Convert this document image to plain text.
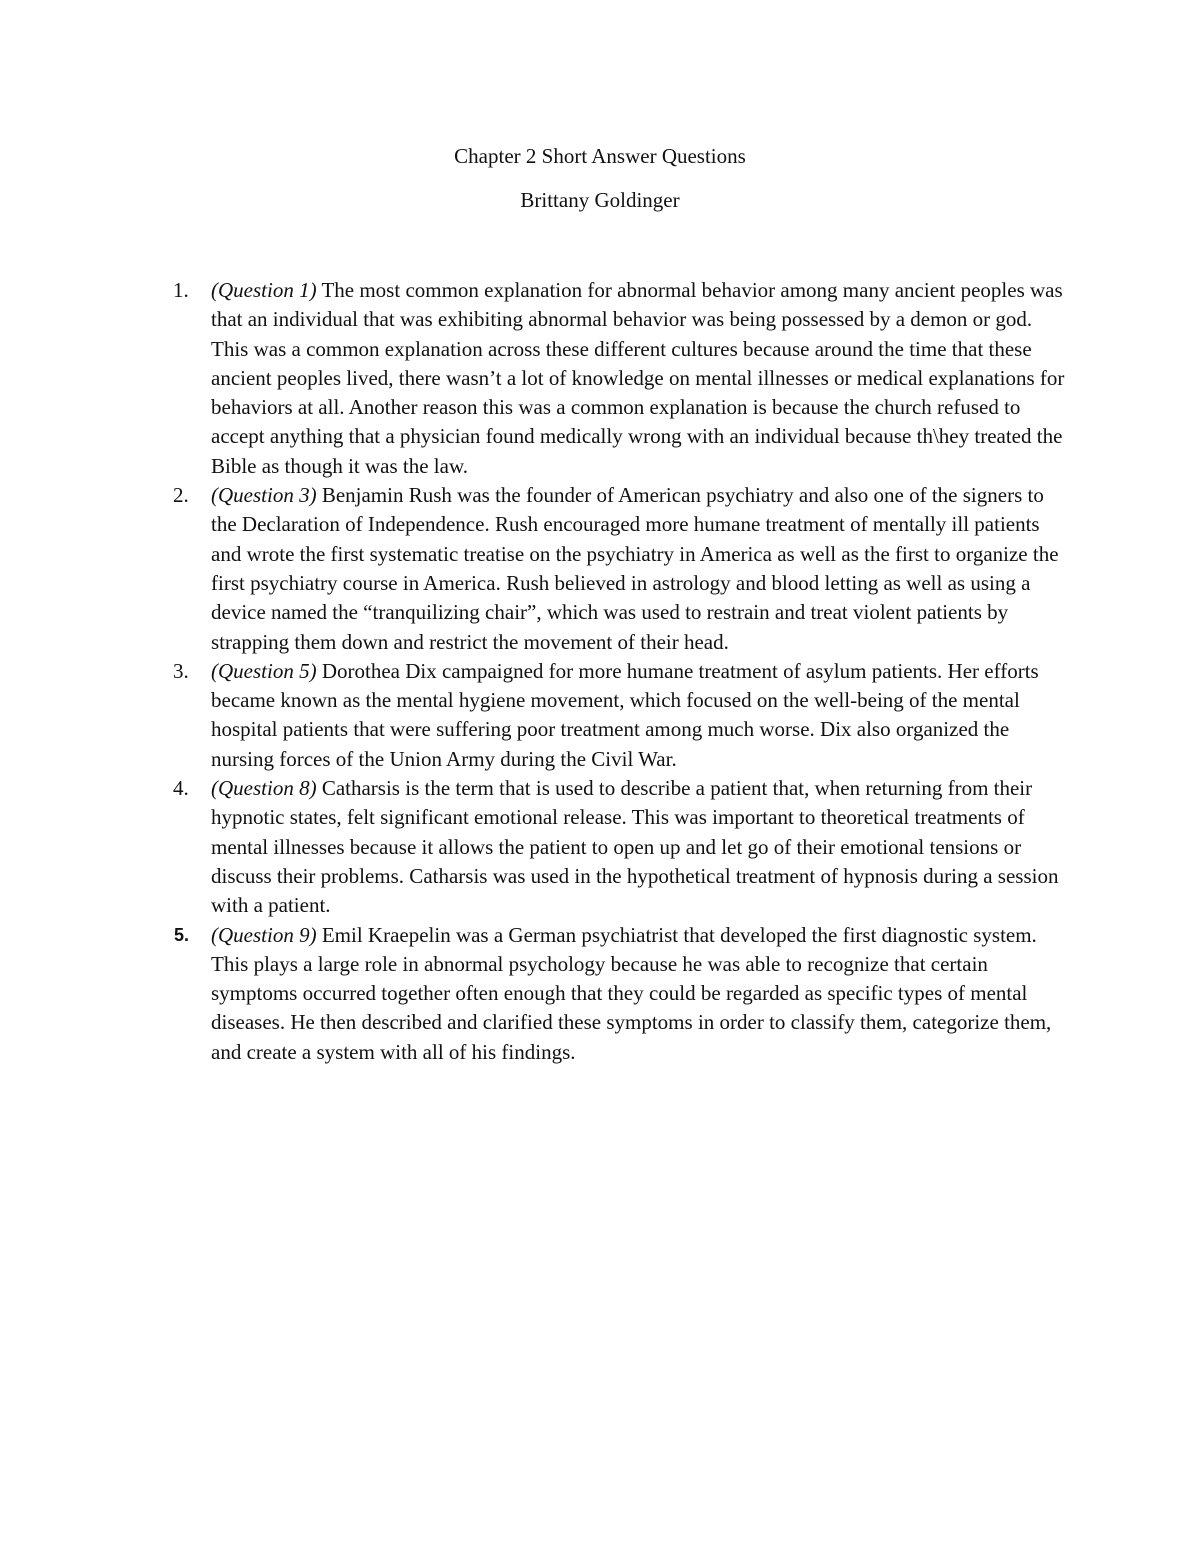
Chapter 2 Short Answer Questions

Brittany Goldinger

1.	(Question 1) The most common explanation for abnormal behavior among many ancient peoples was that an individual that was exhibiting abnormal behavior was being possessed by a demon or god. This was a common explanation across these different cultures because around the time that these ancient peoples lived, there wasn’t a lot of knowledge on mental illnesses or medical explanations for behaviors at all. Another reason this was a common explanation is because the church refused to accept anything that a physician found medically wrong with an individual because th\hey treated the Bible as though it was the law.
2.	(Question 3) Benjamin Rush was the founder of American psychiatry and also one of the signers to the Declaration of Independence. Rush encouraged more humane treatment of mentally ill patients and wrote the first systematic treatise on the psychiatry in America as well as the first to organize the first psychiatry course in America. Rush believed in astrology and blood letting as well as using a device named the “tranquilizing chair”, which was used to restrain and treat violent patients by strapping them down and restrict the movement of their head.
3.	(Question 5) Dorothea Dix campaigned for more humane treatment of asylum patients. Her efforts became known as the mental hygiene movement, which focused on the well-being of the mental hospital patients that were suffering poor treatment among much worse. Dix also organized the nursing forces of the Union Army during the Civil War.
4.	(Question 8) Catharsis is the term that is used to describe a patient that, when returning from their hypnotic states, felt significant emotional release. This was important to theoretical treatments of mental illnesses because it allows the patient to open up and let go of their emotional tensions or discuss their problems. Catharsis was used in the hypothetical treatment of hypnosis during a session with a patient.
5.	(Question 9) Emil Kraepelin was a German psychiatrist that developed the first diagnostic system. This plays a large role in abnormal psychology because he was able to recognize that certain symptoms occurred together often enough that they could be regarded as specific types of mental diseases. He then described and clarified these symptoms in order to classify them, categorize them, and create a system with all of his findings.
